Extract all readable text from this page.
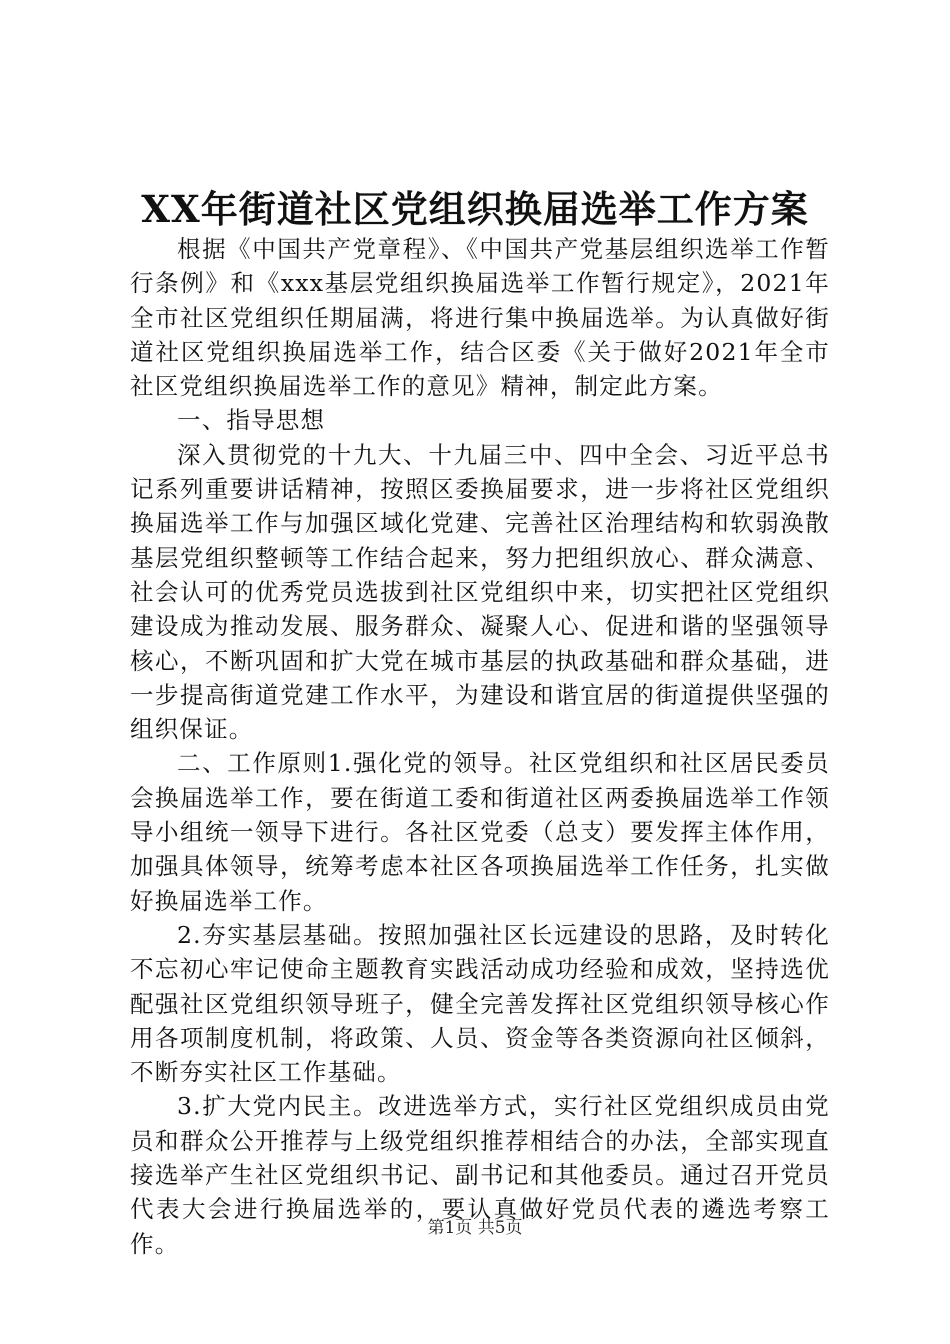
XX年街道社区党组织换届选举工作方案

根据《中国共产党章程》、《中国共产党基层组织选举工作暂行条例》和《xxx基层党组织换届选举工作暂行规定》，2021年全市社区党组织任期届满，将进行集中换届选举。为认真做好街道社区党组织换届选举工作，结合区委《关于做好2021年全市社区党组织换届选举工作的意见》精神，制定此方案。

一、指导思想

深入贯彻党的十九大、十九届三中、四中全会、习近平总书记系列重要讲话精神，按照区委换届要求，进一步将社区党组织换届选举工作与加强区域化党建、完善社区治理结构和软弱涣散基层党组织整顿等工作结合起来，努力把组织放心、群众满意、社会认可的优秀党员选拔到社区党组织中来，切实把社区党组织建设成为推动发展、服务群众、凝聚人心、促进和谐的坚强领导核心，不断巩固和扩大党在城市基层的执政基础和群众基础，进一步提高街道党建工作水平，为建设和谐宜居的街道提供坚强的组织保证。

二、工作原则1.强化党的领导。社区党组织和社区居民委员会换届选举工作，要在街道工委和街道社区两委换届选举工作领导小组统一领导下进行。各社区党委（总支）要发挥主体作用，加强具体领导，统筹考虑本社区各项换届选举工作任务，扎实做好换届选举工作。

2.夯实基层基础。按照加强社区长远建设的思路，及时转化不忘初心牢记使命主题教育实践活动成功经验和成效，坚持选优配强社区党组织领导班子，健全完善发挥社区党组织领导核心作用各项制度机制，将政策、人员、资金等各类资源向社区倾斜，不断夯实社区工作基础。

3.扩大党内民主。改进选举方式，实行社区党组织成员由党员和群众公开推荐与上级党组织推荐相结合的办法，全部实现直接选举产生社区党组织书记、副书记和其他委员。通过召开党员代表大会进行换届选举的，要认真做好党员代表的遴选考察工作。

第1页 共5页
